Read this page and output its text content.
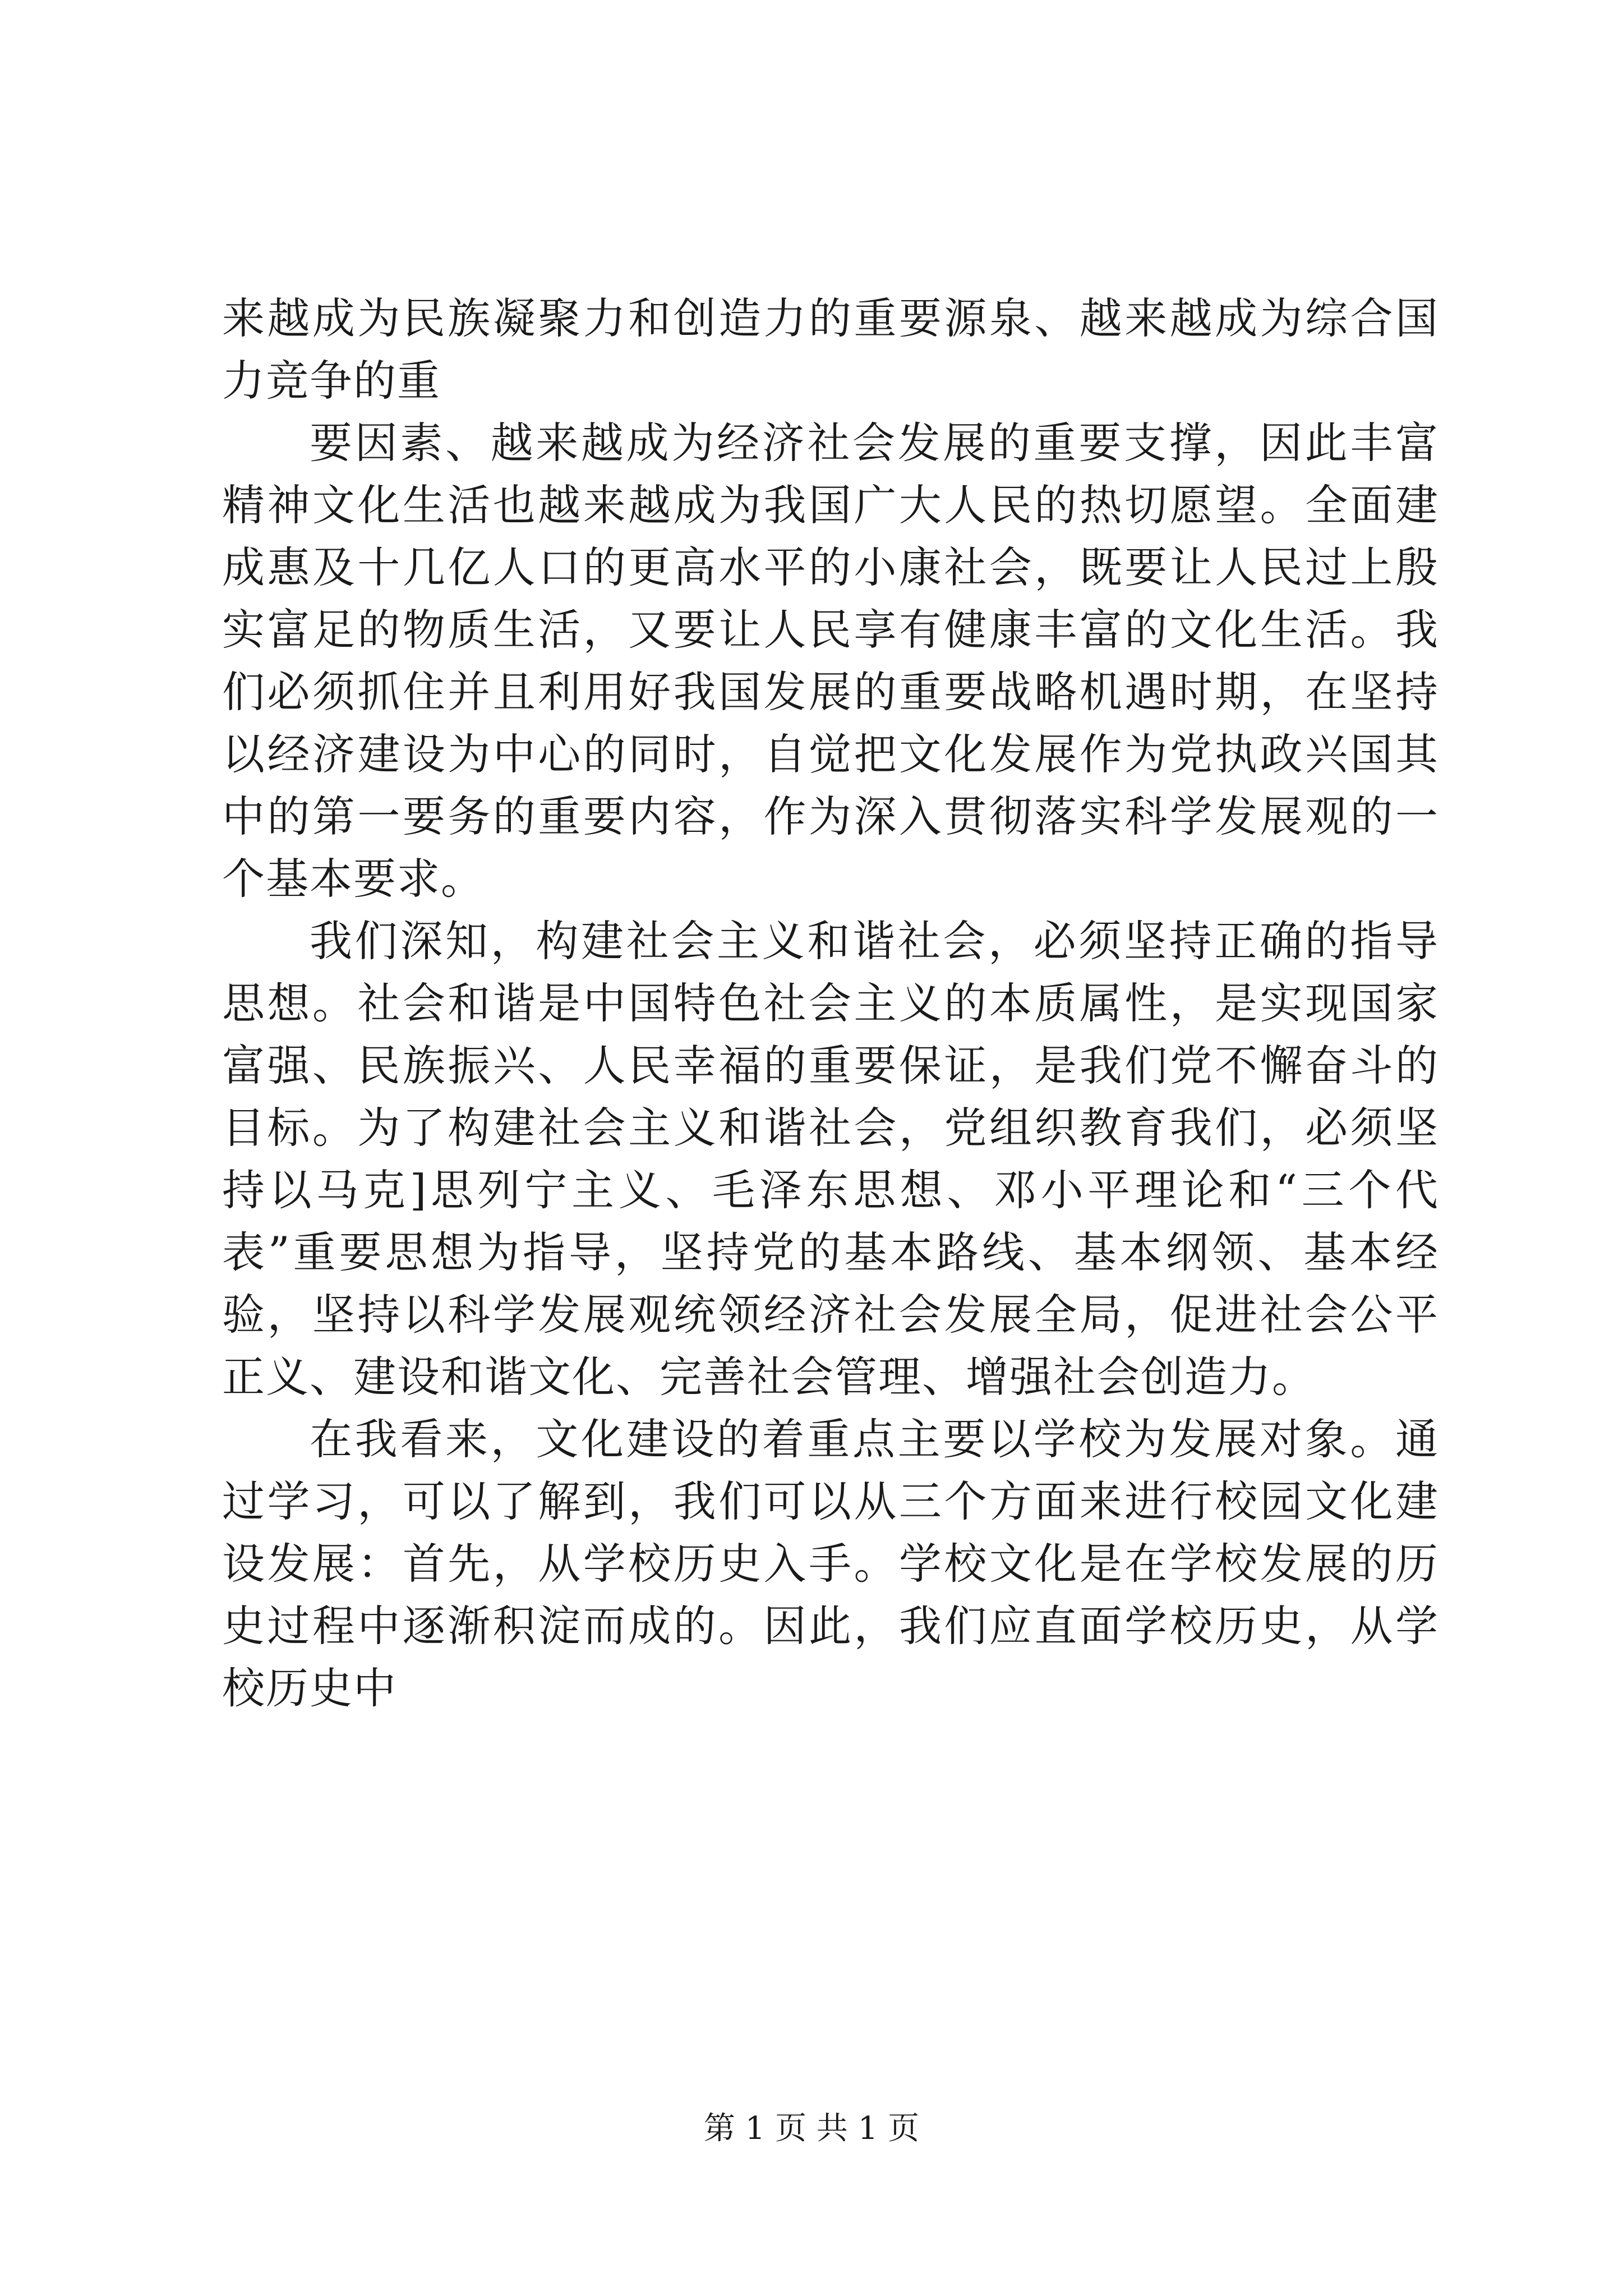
来越成为民族凝聚力和创造力的重要源泉、越来越成为综合国力竞争的重

要因素、越来越成为经济社会发展的重要支撑，因此丰富精神文化生活也越来越成为我国广大人民的热切愿望。全面建成惠及十几亿人口的更高水平的小康社会，既要让人民过上殷实富足的物质生活，又要让人民享有健康丰富的文化生活。我们必须抓住并且利用好我国发展的重要战略机遇时期，在坚持以经济建设为中心的同时，自觉把文化发展作为党执政兴国其中的第一要务的重要内容，作为深入贯彻落实科学发展观的一个基本要求。

我们深知，构建社会主义和谐社会，必须坚持正确的指导思想。社会和谐是中国特色社会主义的本质属性，是实现国家富强、民族振兴、人民幸福的重要保证，是我们党不懈奋斗的目标。为了构建社会主义和谐社会，党组织教育我们，必须坚持以马克]思列宁主义、毛泽东思想、邓小平理论和“三个代表”重要思想为指导，坚持党的基本路线、基本纲领、基本经验，坚持以科学发展观统领经济社会发展全局，促进社会公平正义、建设和谐文化、完善社会管理、增强社会创造力。

在我看来，文化建设的着重点主要以学校为发展对象。通过学习，可以了解到，我们可以从三个方面来进行校园文化建设发展：首先，从学校历史入手。学校文化是在学校发展的历史过程中逐渐积淀而成的。因此，我们应直面学校历史，从学校历史中

第 1 页 共 1 页
